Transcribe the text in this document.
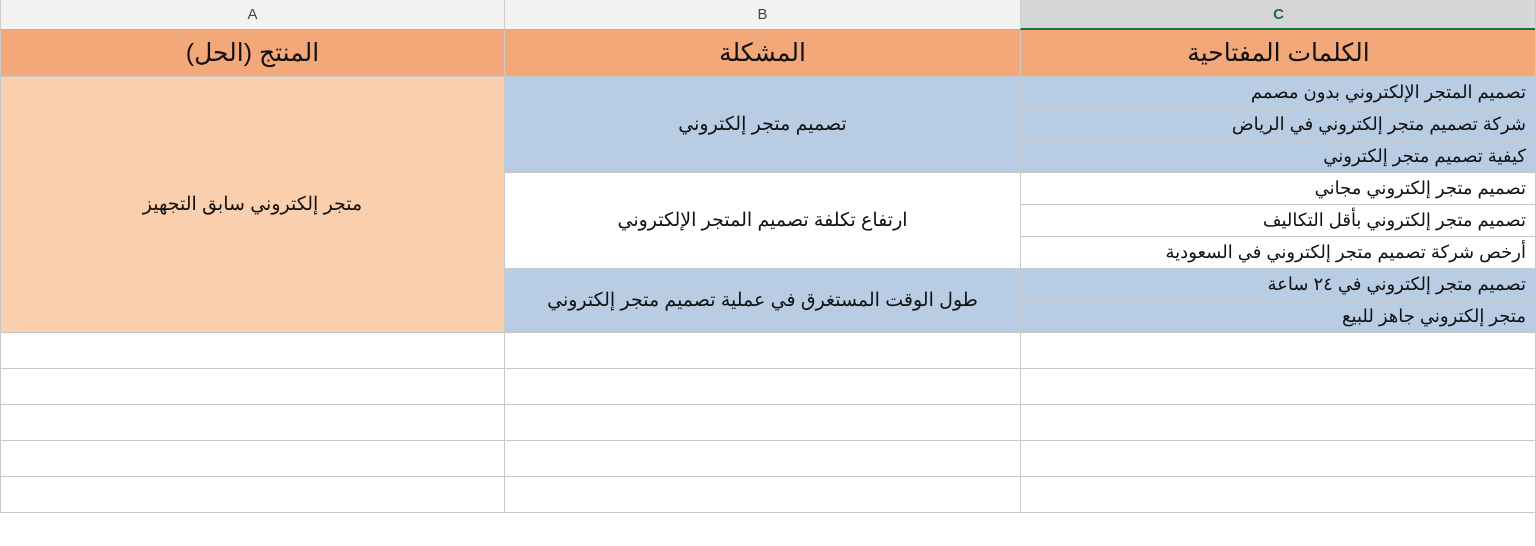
C
B
A
الكلمات المفتاحية
تصميم المتجر الإلكتروني بدون مصمم
شركة تصميم متجر إلكتروني في الرياض
كيفية تصميم متجر إلكتروني
تصميم متجر إلكتروني مجاني
تصميم متجر إلكتروني بأقل التكاليف
أرخص شركة تصميم متجر إلكتروني في السعودية
تصميم متجر إلكتروني في ٢٤ ساعة
متجر إلكتروني جاهز للبيع
المشكلة
تصميم متجر إلكتروني
ارتفاع تكلفة تصميم المتجر الإلكتروني
طول الوقت المستغرق في عملية تصميم متجر إلكتروني
المنتج (الحل)
متجر إلكتروني سابق التجهيز
